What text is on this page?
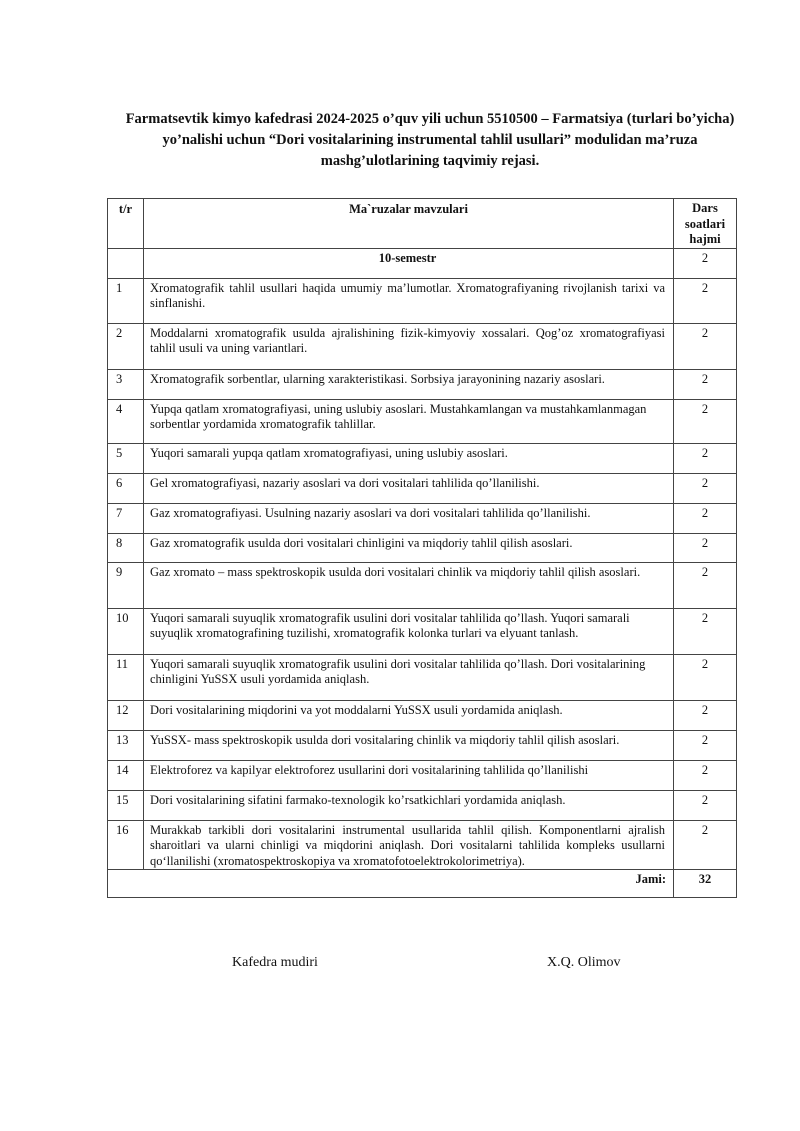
Farmatsevtik kimyo kafedrasi 2024-2025 o’quv yili uchun 5510500 – Farmatsiya (turlari bo’yicha)
yo’nalishi uchun “Dori vositalarining instrumental tahlil usullari” modulidan ma’ruza
mashg’ulotlarining taqvimiy rejasi.
t/r	Ma`ruzalar mavzulari	Dars
soatlari
hajmi
	10-semestr	2
1	Xromatografik tahlil usullari haqida umumiy ma’lumotlar. Xromatografiyaning rivojlanish tarixi va sinflanishi.	2
2	Moddalarni xromatografik usulda ajralishining fizik-kimyoviy xossalari. Qog’oz xromatografiyasi tahlil usuli va uning variantlari.	2
3	Xromatografik sorbentlar, ularning xarakteristikasi. Sorbsiya jarayonining nazariy asoslari.	2
4	Yupqa qatlam xromatografiyasi, uning uslubiy asoslari. Mustahkamlangan va mustahkamlanmagan sorbentlar yordamida xromatografik tahlillar.	2
5	Yuqori samarali yupqa qatlam xromatografiyasi, uning uslubiy asoslari.	2
6	Gel xromatografiyasi, nazariy asoslari va dori vositalari tahlilida qo’llanilishi.	2
7	Gaz xromatografiyasi. Usulning nazariy asoslari va dori vositalari tahlilida qo’llanilishi.	2
8	Gaz xromatografik usulda dori vositalari chinligini va miqdoriy tahlil qilish asoslari.	2
9	Gaz xromato – mass spektroskopik usulda dori vositalari chinlik va miqdoriy tahlil qilish asoslari.	2
10	Yuqori samarali suyuqlik xromatografik usulini dori vositalar tahlilida qo’llash. Yuqori samarali suyuqlik xromatografining tuzilishi, xromatografik kolonka turlari va elyuant tanlash.	2
11	Yuqori samarali suyuqlik xromatografik usulini dori vositalar tahlilida qo’llash. Dori vositalarining chinligini YuSSX usuli yordamida aniqlash.	2
12	Dori vositalarining miqdorini va yot moddalarni YuSSX usuli yordamida aniqlash.	2
13	YuSSX- mass spektroskopik usulda dori vositalaring chinlik va miqdoriy tahlil qilish asoslari.	2
14	Elektroforez va kapilyar elektroforez usullarini dori vositalarining tahlilida qo’llanilishi	2
15	Dori vositalarining sifatini farmako-texnologik ko’rsatkichlari yordamida aniqlash.	2
16	Murakkab tarkibli dori vositalarini instrumental usullarida tahlil qilish. Komponentlarni ajralish sharoitlari va ularni chinligi va miqdorini aniqlash. Dori vositalarni tahlilida kompleks usullarni qo‘llanilishi (xromatospektroskopiya va xromatofotoelektrokolorimetriya).	2
Jami:		32
Kafedra mudiri	X.Q. Olimov
